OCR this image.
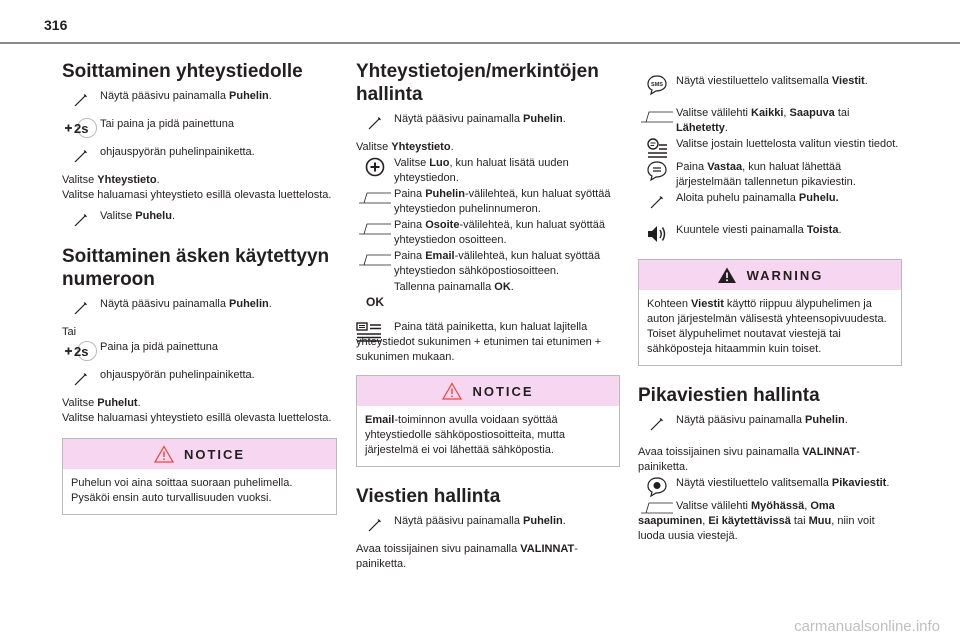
316
Soittaminen yhteystiedolle
Näytä pääsivu painamalla Puhelin.
2s Tai paina ja pidä painettuna
ohjauspyörän puhelinpainiketta.
Valitse Yhteystieto.
Valitse haluamasi yhteystieto esillä olevasta luettelosta.
Valitse Puhelu.
Soittaminen äsken käytettyyn numeroon
Näytä pääsivu painamalla Puhelin.
Tai
2s Paina ja pidä painettuna
ohjauspyörän puhelinpainiketta.
Valitse Puhelut.
Valitse haluamasi yhteystieto esillä olevasta luettelosta.
NOTICE
Puhelun voi aina soittaa suoraan puhelimella. Pysäköi ensin auto turvallisuuden vuoksi.
Yhteystietojen/merkintöjen hallinta
Näytä pääsivu painamalla Puhelin.
Valitse Yhteystieto.
Valitse Luo, kun haluat lisätä uuden yhteystiedon.
Paina Puhelin-välilehteä, kun haluat syöttää yhteystiedon puhelinnumeron.
Paina Osoite-välilehteä, kun haluat syöttää yhteystiedon osoitteen.
Paina Email-välilehteä, kun haluat syöttää yhteystiedon sähköpostiosoitteen.
OK
Tallenna painamalla OK.
Paina tätä painiketta, kun haluat lajitella yhteystiedot sukunimen + etunimen tai etunimen + sukunimen mukaan.
NOTICE
Email-toiminnon avulla voidaan syöttää yhteystiedolle sähköpostiosoitteita, mutta järjestelmä ei voi lähettää sähköpostia.
Viestien hallinta
Näytä pääsivu painamalla Puhelin.
Avaa toissijainen sivu painamalla VALINNAT-painiketta.
SMS Näytä viestiluettelo valitsemalla Viestit.
Valitse välilehti Kaikki, Saapuva tai Lähetetty.
Valitse jostain luettelosta valitun viestin tiedot.
Paina Vastaa, kun haluat lähettää järjestelmään tallennetun pikaviestin.
Aloita puhelu painamalla Puhelu.
Kuuntele viesti painamalla Toista.
WARNING
Kohteen Viestit käyttö riippuu älypuhelimen ja auton järjestelmän välisestä yhteensopivuudesta.
Toiset älypuhelimet noutavat viestejä tai sähköposteja hitaammin kuin toiset.
Pikaviestien hallinta
Näytä pääsivu painamalla Puhelin.
Avaa toissijainen sivu painamalla VALINNAT-painiketta.
Näytä viestiluettelo valitsemalla Pikaviestit.
Valitse välilehti Myöhässä, Oma saapuminen, Ei käytettävissä tai Muu, niin voit luoda uusia viestejä.
carmanualsonline.info
